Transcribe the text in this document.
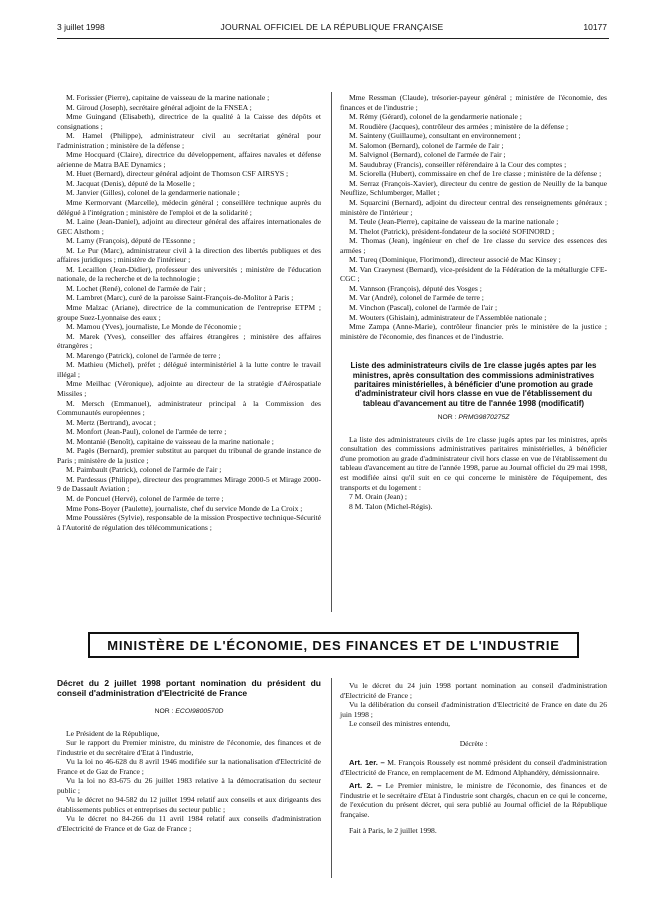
3 juillet 1998	JOURNAL OFFICIEL DE LA RÉPUBLIQUE FRANÇAISE	10177

M. Forissier (Pierre), capitaine de vaisseau de la marine nationale ;

M. Giroud (Joseph), secrétaire général adjoint de la FNSEA ;

Mme Guingand (Elisabeth), directrice de la qualité à la Caisse des dépôts et consignations ;

M. Hamel (Philippe), administrateur civil au secrétariat général pour l'administration ; ministère de la défense ;

Mme Hocquard (Claire), directrice du développement, affaires navales et défense aérienne de Matra BAE Dynamics ;

M. Huet (Bernard), directeur général adjoint de Thomson CSF AIRSYS ;

M. Jacquat (Denis), député de la Moselle ;

M. Janvier (Gilles), colonel de la gendarmerie nationale ;

Mme Kermorvant (Marcelle), médecin général ; conseillère technique auprès du délégué à l'intégration ; ministère de l'emploi et de la solidarité ;

M. Laine (Jean-Daniel), adjoint au directeur général des affaires internationales de GEC Alsthom ;

M. Lamy (François), député de l'Essonne ;

M. Le Pur (Marc), administrateur civil à la direction des libertés publiques et des affaires juridiques ; ministère de l'intérieur ;

M. Lecaillon (Jean-Didier), professeur des universités ; ministère de l'éducation nationale, de la recherche et de la technologie ;

M. Lochet (René), colonel de l'armée de l'air ;

M. Lambret (Marc), curé de la paroisse Saint-François-de-Molitor à Paris ;

Mme Malzac (Ariane), directrice de la communication de l'entreprise ETPM ; groupe Suez-Lyonnaise des eaux ;

M. Mamou (Yves), journaliste, Le Monde de l'économie ;

M. Marek (Yves), conseiller des affaires étrangères ; ministère des affaires étrangères ;

M. Marengo (Patrick), colonel de l'armée de terre ;

M. Mathieu (Michel), préfet ; délégué interministériel à la lutte contre le travail illégal ;

Mme Meilhac (Véronique), adjointe au directeur de la stratégie d'Aérospatiale Missiles ;

M. Mersch (Emmanuel), administrateur principal à la Commission des Communautés européennes ;

M. Mertz (Bertrand), avocat ;

M. Monfort (Jean-Paul), colonel de l'armée de terre ;

M. Montanié (Benoît), capitaine de vaisseau de la marine nationale ;

M. Pagès (Bernard), premier substitut au parquet du tribunal de grande instance de Paris ; ministère de la justice ;

M. Paimbault (Patrick), colonel de l'armée de l'air ;

M. Pardessus (Philippe), directeur des programmes Mirage 2000-5 et Mirage 2000-9 de Dassault Aviation ;

M. de Poncuel (Hervé), colonel de l'armée de terre ;

Mme Pons-Boyer (Paulette), journaliste, chef du service Monde de La Croix ;

Mme Poussières (Sylvie), responsable de la mission Prospective technique-Sécurité à l'Autorité de régulation des télécommunications ;

Mme Ressman (Claude), trésorier-payeur général ; ministère de l'économie, des finances et de l'industrie ;

M. Rémy (Gérard), colonel de la gendarmerie nationale ;

M. Roudière (Jacques), contrôleur des armées ; ministère de la défense ;

M. Sainteny (Guillaume), consultant en environnement ;

M. Salomon (Bernard), colonel de l'armée de l'air ;

M. Salvignol (Bernard), colonel de l'armée de l'air ;

M. Saudubray (Francis), conseiller référendaire à la Cour des comptes ;

M. Sciorella (Hubert), commissaire en chef de 1re classe ; ministère de la défense ;

M. Serraz (François-Xavier), directeur du centre de gestion de Neuilly de la banque Neuflize, Schlumberger, Mallet ;

M. Squarcini (Bernard), adjoint du directeur central des renseignements généraux ; ministère de l'intérieur ;

M. Teule (Jean-Pierre), capitaine de vaisseau de la marine nationale ;

M. Thelot (Patrick), président-fondateur de la société SOFINORD ;

M. Thomas (Jean), ingénieur en chef de 1re classe du service des essences des armées ;

M. Tureq (Dominique, Florimond), directeur associé de Mac Kinsey ;

M. Van Craeynest (Bernard), vice-président de la Fédération de la métallurgie CFE-CGC ;

M. Vannson (François), député des Vosges ;

M. Var (André), colonel de l'armée de terre ;

M. Vinchon (Pascal), colonel de l'armée de l'air ;

M. Wouters (Ghislain), administrateur de l'Assemblée nationale ;

Mme Zampa (Anne-Marie), contrôleur financier près le ministère de la justice ; ministère de l'économie, des finances et de l'industrie.

Liste des administrateurs civils de 1re classe jugés aptes par les ministres, après consultation des commissions administratives paritaires ministérielles, à bénéficier d'une promotion au grade d'administrateur civil hors classe en vue de l'établissement du tableau d'avancement au titre de l'année 1998 (modificatif)
NOR : PRMG9870275Z

La liste des administrateurs civils de 1re classe jugés aptes par les ministres, après consultation des commissions administratives paritaires ministérielles, à bénéficier d'une promotion au grade d'administrateur civil hors classe en vue de l'établissement du tableau d'avancement au titre de l'année 1998, parue au Journal officiel du 29 mai 1998, est modifiée ainsi qu'il suit en ce qui concerne le ministère de l'équipement, des transports et du logement :

7 M. Orain (Jean) ;

8 M. Talon (Michel-Régis).

MINISTÈRE DE L'ÉCONOMIE, DES FINANCES ET DE L'INDUSTRIE
Décret du 2 juillet 1998 portant nomination du président du conseil d'administration d'Electricité de France
NOR : ECOI9800570D

Le Président de la République,

Sur le rapport du Premier ministre, du ministre de l'économie, des finances et de l'industrie et du secrétaire d'Etat à l'industrie,

Vu la loi no 46-628 du 8 avril 1946 modifiée sur la nationalisation d'Electricité de France et de Gaz de France ;

Vu la loi no 83-675 du 26 juillet 1983 relative à la démocratisation du secteur public ;

Vu le décret no 94-582 du 12 juillet 1994 relatif aux conseils et aux dirigeants des établissements publics et entreprises du secteur public ;

Vu le décret no 84-266 du 11 avril 1984 relatif aux conseils d'administration d'Electricité de France et de Gaz de France ;

Vu le décret du 24 juin 1998 portant nomination au conseil d'administration d'Electricité de France ;

Vu la délibération du conseil d'administration d'Electricité de France en date du 26 juin 1998 ;

Le conseil des ministres entendu,

Décrète :

Art. 1er. – M. François Roussely est nommé président du conseil d'administration d'Electricité de France, en remplacement de M. Edmond Alphandéry, démissionnaire.

Art. 2. – Le Premier ministre, le ministre de l'économie, des finances et de l'industrie et le secrétaire d'Etat à l'industrie sont chargés, chacun en ce qui le concerne, de l'exécution du présent décret, qui sera publié au Journal officiel de la République française.

Fait à Paris, le 2 juillet 1998.
